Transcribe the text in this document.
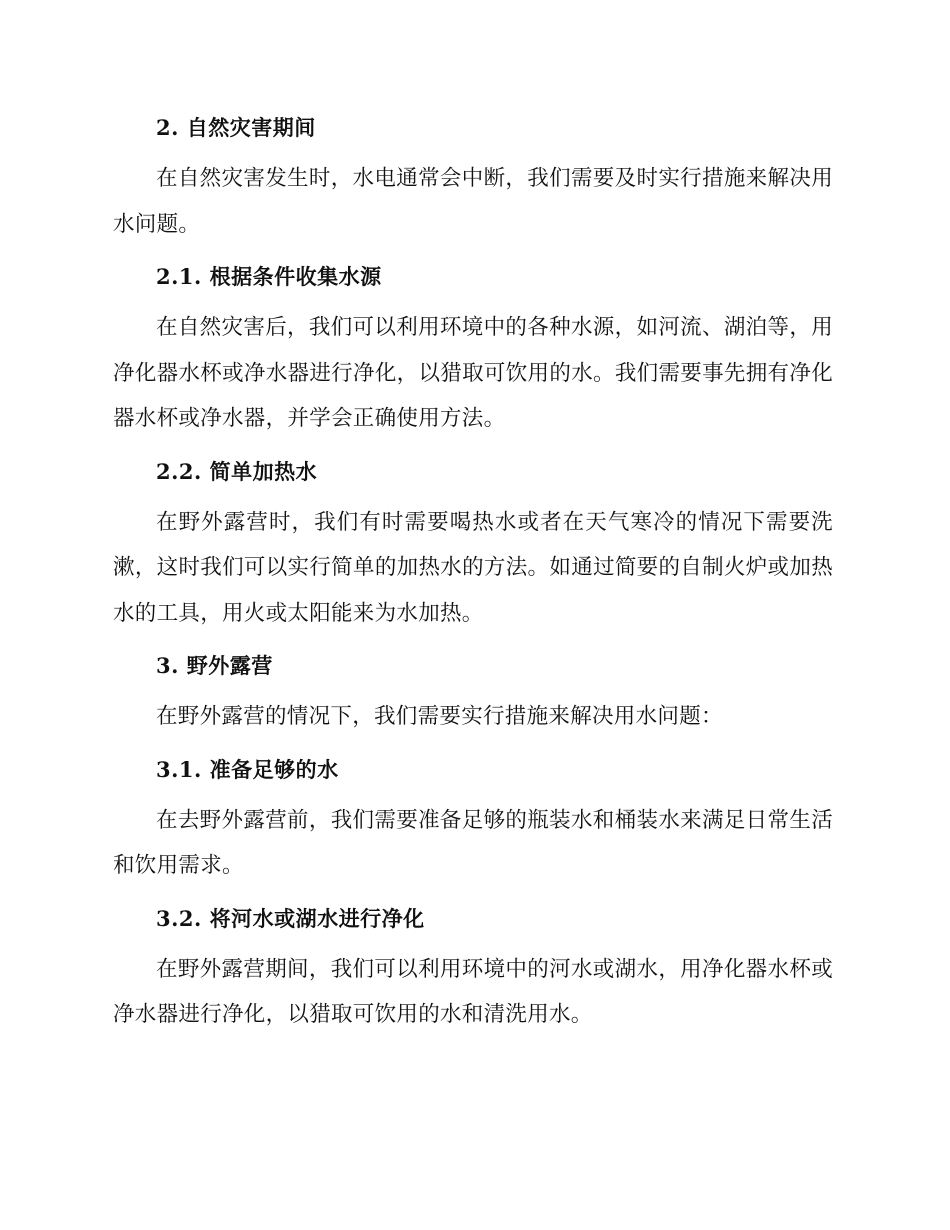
2. 自然灾害期间

在自然灾害发生时，水电通常会中断，我们需要及时实行措施来解决用水问题。

2.1. 根据条件收集水源

在自然灾害后，我们可以利用环境中的各种水源，如河流、湖泊等，用净化器水杯或净水器进行净化，以猎取可饮用的水。我们需要事先拥有净化器水杯或净水器，并学会正确使用方法。

2.2. 简单加热水

在野外露营时，我们有时需要喝热水或者在天气寒冷的情况下需要洗漱，这时我们可以实行简单的加热水的方法。如通过简要的自制火炉或加热水的工具，用火或太阳能来为水加热。

3. 野外露营

在野外露营的情况下，我们需要实行措施来解决用水问题：

3.1. 准备足够的水

在去野外露营前，我们需要准备足够的瓶装水和桶装水来满足日常生活和饮用需求。

3.2. 将河水或湖水进行净化

在野外露营期间，我们可以利用环境中的河水或湖水，用净化器水杯或净水器进行净化，以猎取可饮用的水和清洗用水。
